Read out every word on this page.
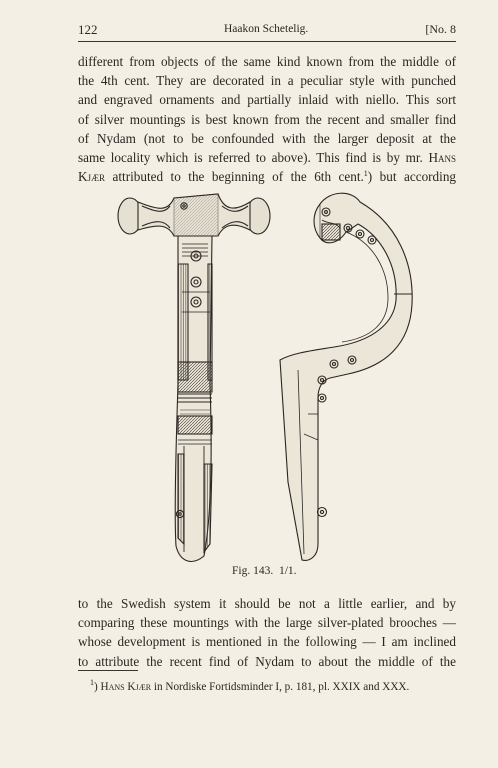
122	Haakon Schetelig.	[No. 8
different from objects of the same kind known from the middle of
the 4th cent. They are decorated in a peculiar style with punched
and engraved ornaments and partially inlaid with niello. This sort
of silver mountings is best known from the recent and smaller find
of Nydam (not to be confounded with the larger deposit at the
same locality which is referred to above). This find is by mr. Hans
Kjær attributed to the beginning of the 6th cent.$^1$) but according
Fig. 143. 1/1.
to the Swedish system it should be not a little earlier, and by
comparing these mountings with the large silver-plated brooches —
whose development is mentioned in the following — I am inclined
to attribute the recent find of Nydam to about the middle of the
$^1$) Hans Kjær in Nordiske Fortidsminder I, p. 181, pl. XXIX and XXX.
